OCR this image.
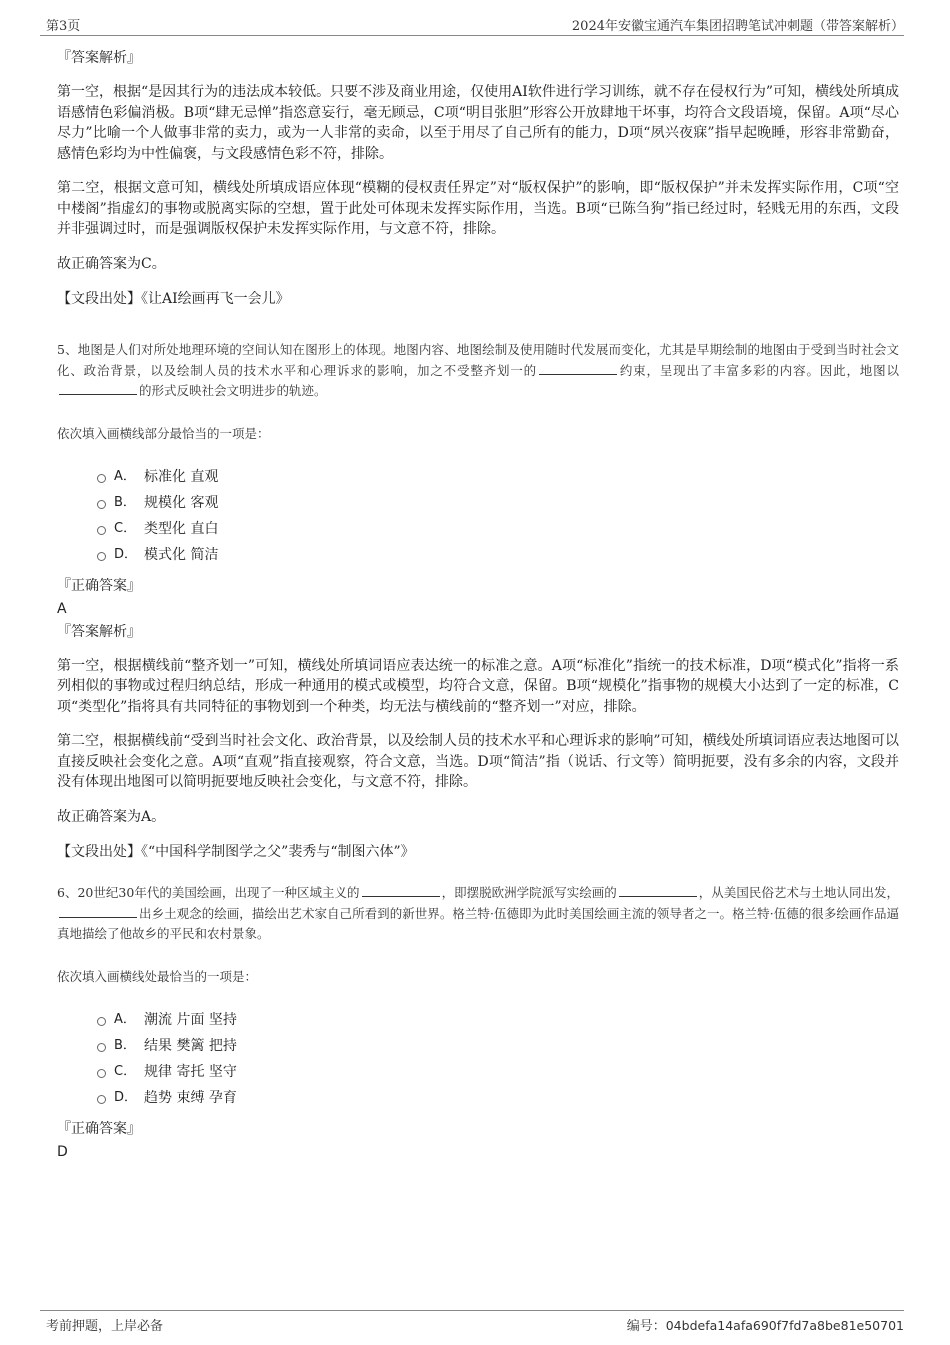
第3页	2024年安徽宝通汽车集团招聘笔试冲刺题（带答案解析）
『答案解析』

第一空，根据“是因其行为的违法成本较低。只要不涉及商业用途，仅使用AI软件进行学习训练，就不存在侵权行为”可知，横线处所填成语感情色彩偏消极。B项“肆无忌惮”指恣意妄行，毫无顾忌，C项“明目张胆”形容公开放肆地干坏事，均符合文段语境，保留。A项“尽心尽力”比喻一个人做事非常的卖力，或为一人非常的卖命，以至于用尽了自己所有的能力，D项“夙兴夜寐”指早起晚睡，形容非常勤奋，感情色彩均为中性偏褒，与文段感情色彩不符，排除。

第二空，根据文意可知，横线处所填成语应体现“模糊的侵权责任界定”对“版权保护”的影响，即“版权保护”并未发挥实际作用，C项“空中楼阁”指虚幻的事物或脱离实际的空想，置于此处可体现未发挥实际作用，当选。B项“已陈刍狗”指已经过时，轻贱无用的东西，文段并非强调过时，而是强调版权保护未发挥实际作用，与文意不符，排除。

故正确答案为C。

【文段出处】《让AI绘画再飞一会儿》

5、地图是人们对所处地理环境的空间认知在图形上的体现。地图内容、地图绘制及使用随时代发展而变化，尤其是早期绘制的地图由于受到当时社会文化、政治背景，以及绘制人员的技术水平和心理诉求的影响，加之不受整齐划一的	约束，呈现出了丰富多彩的内容。因此，地图以的形式反映社会文明进步的轨迹。

依次填入画横线部分最恰当的一项是：
A． 标准化 直观
B． 规模化 客观
C． 类型化 直白
D． 模式化 简洁
『正确答案』
A
『答案解析』

第一空，根据横线前“整齐划一”可知，横线处所填词语应表达统一的标准之意。A项“标准化”指统一的技术标准，D项“模式化”指将一系列相似的事物或过程归纳总结，形成一种通用的模式或模型，均符合文意，保留。B项“规模化”指事物的规模大小达到了一定的标准，C项“类型化”指将具有共同特征的事物划到一个种类，均无法与横线前的“整齐划一”对应，排除。

第二空，根据横线前“受到当时社会文化、政治背景，以及绘制人员的技术水平和心理诉求的影响”可知，横线处所填词语应表达地图可以直接反映社会变化之意。A项“直观”指直接观察，符合文意，当选。D项“简洁”指（说话、行文等）简明扼要，没有多余的内容，文段并没有体现出地图可以简明扼要地反映社会变化，与文意不符，排除。

故正确答案为A。

【文段出处】《“中国科学制图学之父”裴秀与“制图六体”》

6、20世纪30年代的美国绘画，出现了一种区域主义的	，即摆脱欧洲学院派写实绘画的	，从美国民俗艺术与土地认同出发，出乡土观念的绘画，描绘出艺术家自己所看到的新世界。格兰特·伍德即为此时美国绘画主流的领导者之一。格兰特·伍德的很多绘画作品逼真地描绘了他故乡的平民和农村景象。

依次填入画横线处最恰当的一项是：
A． 潮流 片面 坚持
B． 结果 樊篱 把持
C． 规律 寄托 坚守
D． 趋势 束缚 孕育
『正确答案』
D
考前押题，上岸必备	编号：04bdefa14afa690f7fd7a8be81e50701
